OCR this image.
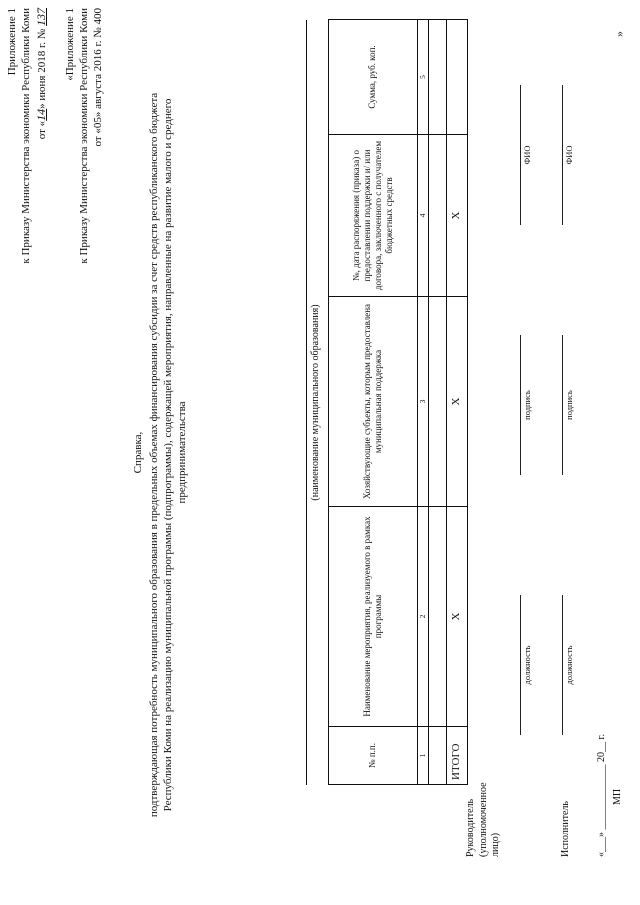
Приложение 1 к Приказу Министерства экономики Республики Коми от «14» июня 2018 г. № 137 «Приложение 1 к Приказу Министерства экономики Республики Коми от «05» августа 2016 г. № 400
Справка, подтверждающая потребность муниципального образования в предельных объемах финансирования субсидии за счет средств республиканского бюджета Республики Коми на реализацию муниципальной программы (подпрограммы), содержащей мероприятия, направленные на развитие малого и среднего предпринимательства	(наименование муниципального образования)
№ п.п.	Наименование мероприятия, реализуемого в рамках программы	Хозяйствующие субъекты, которым предоставлена муниципальная поддержка	№, дата распоряжения (приказа) о предоставлении поддержки и/ или договора, заключенного с получателем бюджетных средств	Сумма, руб. коп.
1	2	3	4	5

ИТОГО	Х	Х	Х	
Руководитель (уполномоченное лицо)
должность
подпись
ФИО
Исполнитель
должность
подпись
ФИО
«___» _____________ 20__ г. МП
»
